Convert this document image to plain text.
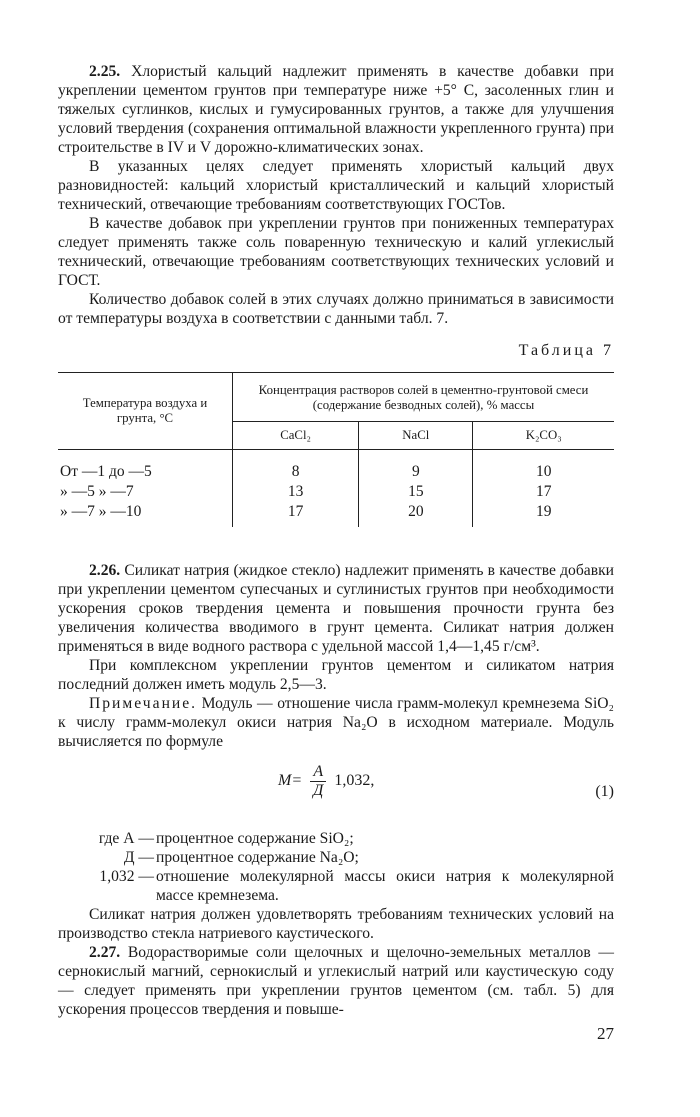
2.25. Хлористый кальций надлежит применять в качестве добавки при укреплении цементом грунтов при температуре ниже +5° С, засоленных глин и тяжелых суглинков, кислых и гумусированных грунтов, а также для улучшения условий твердения (сохранения оптимальной влажности укрепленного грунта) при строительстве в IV и V дорожно-климатических зонах.

В указанных целях следует применять хлористый кальций двух разновидностей: кальций хлористый кристаллический и кальций хлористый технический, отвечающие требованиям соответствующих ГОСТов.

В качестве добавок при укреплении грунтов при пониженных температурах следует применять также соль поваренную техническую и калий углекислый технический, отвечающие требованиям соответствующих технических условий и ГОСТ.

Количество добавок солей в этих случаях должно приниматься в зависимости от температуры воздуха в соответствии с данными табл. 7.

Таблица 7
Температура воздуха и грунта, °С	Концентрация растворов солей в цементно-грунтовой смеси (содержание безводных солей), % массы		
	CaCl₂	NaCl	K₂CO₃
От —1 до —5	8	9	10
» —5 » —7	13	15	17
» —7 » —10	17	20	19

2.26. Силикат натрия (жидкое стекло) надлежит применять в качестве добавки при укреплении цементом супесчаных и суглинистых грунтов при необходимости ускорения сроков твердения цемента и повышения прочности грунта без увеличения количества вводимого в грунт цемента. Силикат натрия должен применяться в виде водного раствора с удельной массой 1,4—1,45 г/см³.

При комплексном укреплении грунтов цементом и силикатом натрия последний должен иметь модуль 2,5—3.

Примечание. Модуль — отношение числа грамм-молекул кремнезема SiO₂ к числу грамм-молекул окиси натрия Na₂O в исходном материале. Модуль вычисляется по формуле

$М= \frac{А}{Д} 1,032$,
(1)
где А — процентное содержание SiO₂;
Д — процентное содержание Na₂O;
1,032 — отношение молекулярной массы окиси натрия к молекулярной массе кремнезема.

Силикат натрия должен удовлетворять требованиям технических условий на производство стекла натриевого каустического.

2.27. Водорастворимые соли щелочных и щелочно-земельных металлов — сернокислый магний, сернокислый и углекислый натрий или каустическую соду — следует применять при укреплении грунтов цементом (см. табл. 5) для ускорения процессов твердения и повыше-

27
